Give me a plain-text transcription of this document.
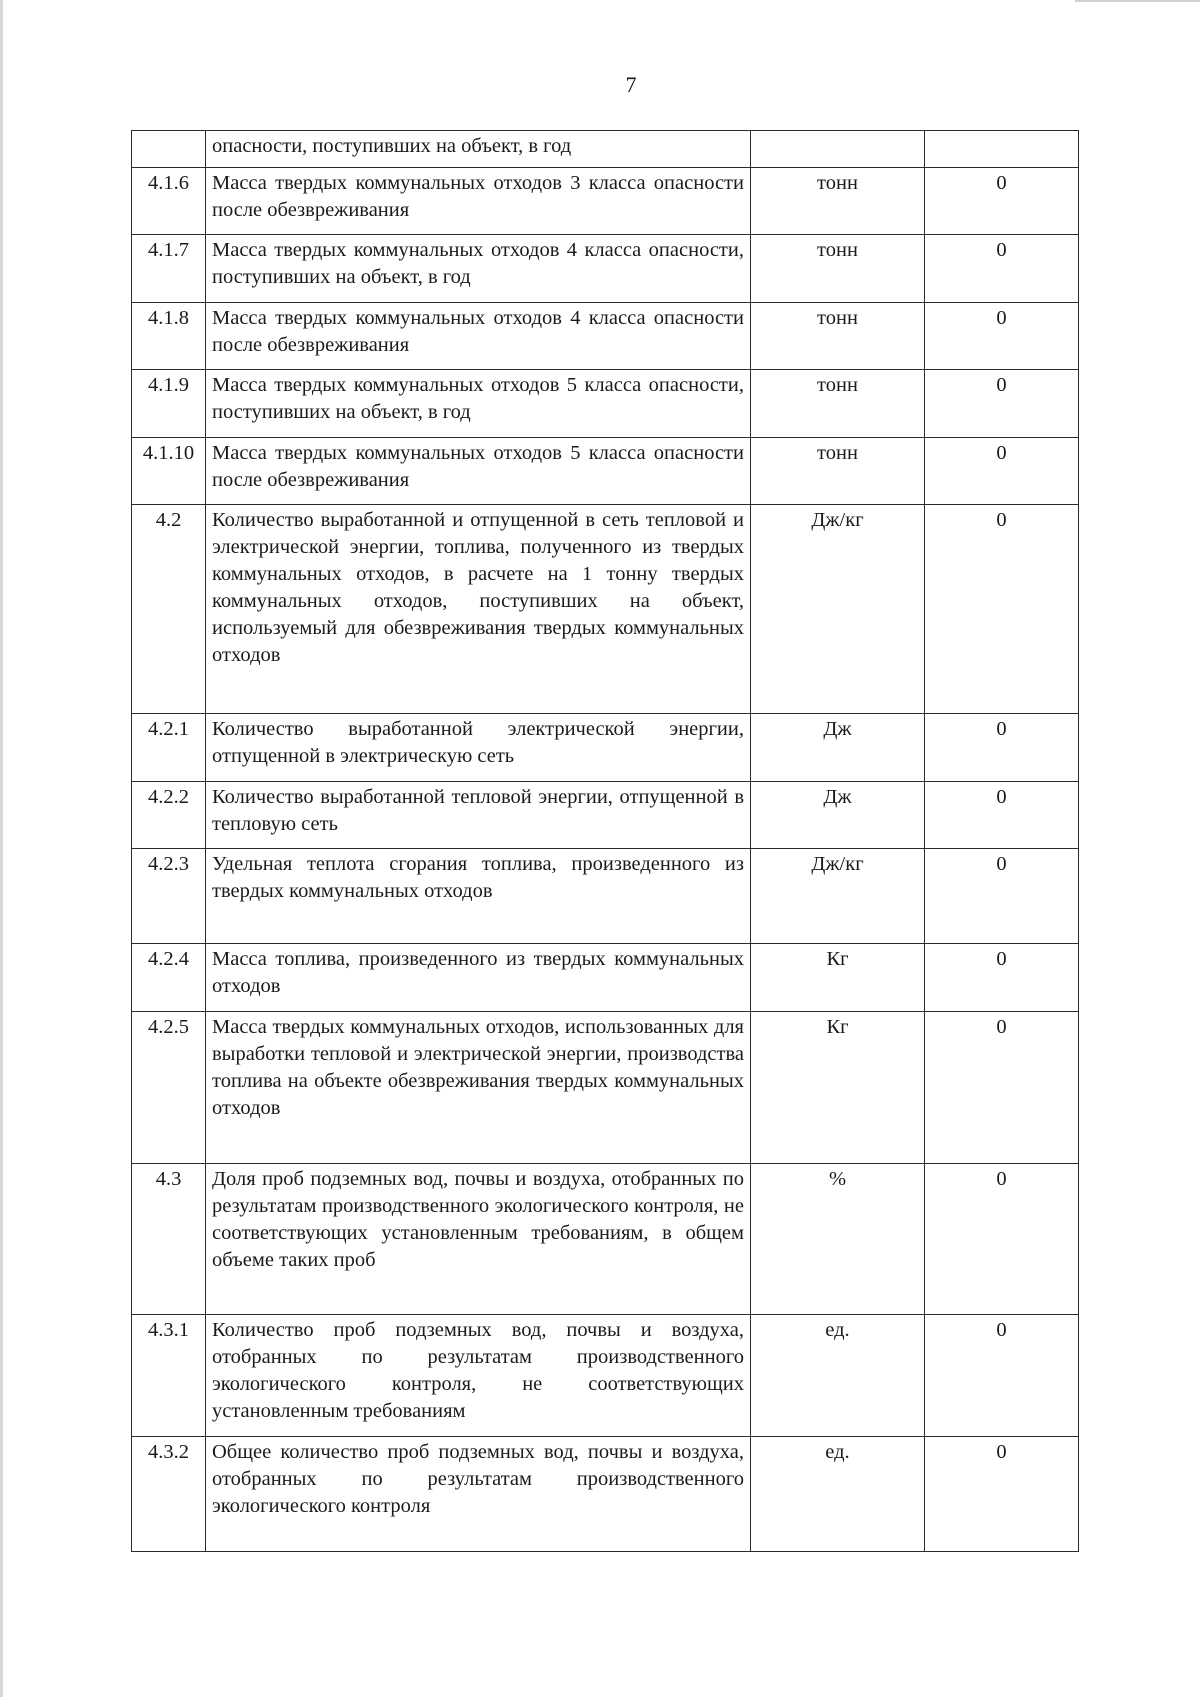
7
	опасности, поступивших на объект, в год		
4.1.6	Масса твердых коммунальных отходов 3 класса опасности после обезвреживания	тонн	0
4.1.7	Масса твердых коммунальных отходов 4 класса опасности, поступивших на объект, в год	тонн	0
4.1.8	Масса твердых коммунальных отходов 4 класса опасности после обезвреживания	тонн	0
4.1.9	Масса твердых коммунальных отходов 5 класса опасности, поступивших на объект, в год	тонн	0
4.1.10	Масса твердых коммунальных отходов 5 класса опасности после обезвреживания	тонн	0
4.2	Количество выработанной и отпущенной в сеть тепловой и электрической энергии, топлива, полученного из твердых коммунальных отходов, в расчете на 1 тонну твердых коммунальных отходов, поступивших на объект, используемый для обезвреживания твердых коммунальных отходов	Дж/кг	0
4.2.1	Количество выработанной электрической энергии, отпущенной в электрическую сеть	Дж	0
4.2.2	Количество выработанной тепловой энергии, отпущенной в тепловую сеть	Дж	0
4.2.3	Удельная теплота сгорания топлива, произведенного из твердых коммунальных отходов	Дж/кг	0
4.2.4	Масса топлива, произведенного из твердых коммунальных отходов	Кг	0
4.2.5	Масса твердых коммунальных отходов, использованных для выработки тепловой и электрической энергии, производства топлива на объекте обезвреживания твердых коммунальных отходов	Кг	0
4.3	Доля проб подземных вод, почвы и воздуха, отобранных по результатам производственного экологического контроля, не соответствующих установленным требованиям, в общем объеме таких проб	%	0
4.3.1	Количество проб подземных вод, почвы и воздуха, отобранных по результатам производственного экологического контроля, не соответствующих установленным требованиям	ед.	0
4.3.2	Общее количество проб подземных вод, почвы и воздуха, отобранных по результатам производственного экологического контроля	ед.	0
